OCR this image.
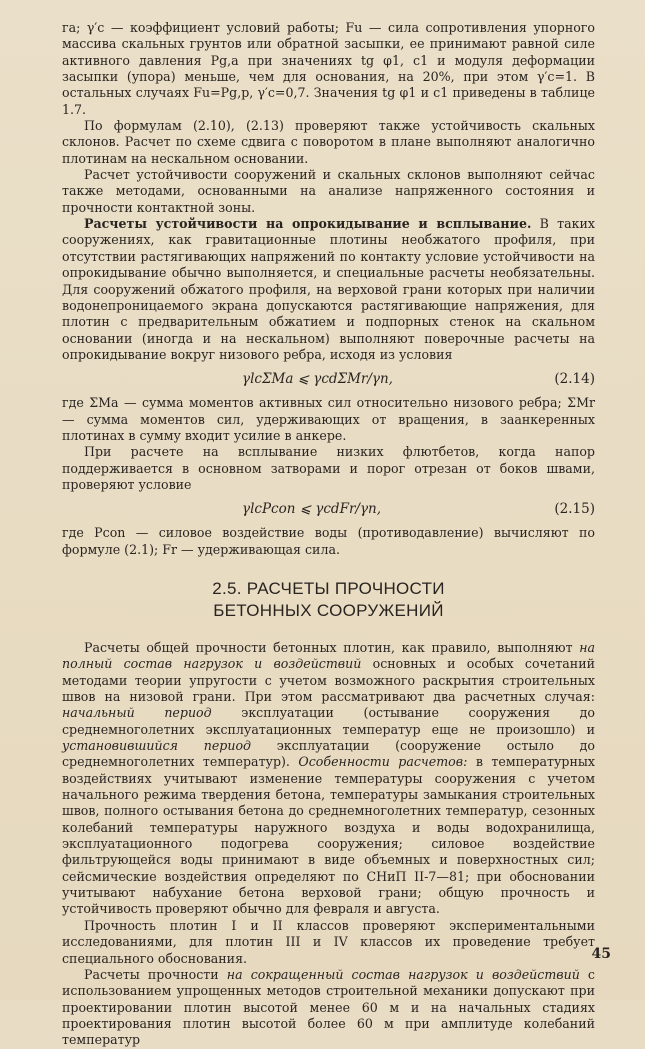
га; γ′c — коэффициент условий работы; Fu — сила сопротивления упорного массива скальных грунтов или обратной засыпки, ее принимают равной силе активного давления Pg,a при значениях tg φ1, c1 и модуля деформации засыпки (упора) меньше, чем для основания, на 20%, при этом γ′c=1. В остальных случаях Fu=Pg,p, γ′c=0,7. Значения tg φ1 и c1 приведены в таблице 1.7.

По формулам (2.10), (2.13) проверяют также устойчивость скальных склонов. Расчет по схеме сдвига с поворотом в плане выполняют аналогично плотинам на нескальном основании.

Расчет устойчивости сооружений и скальных склонов выполняют сейчас также методами, основанными на анализе напряженного состояния и прочности контактной зоны.

Расчеты устойчивости на опрокидывание и всплывание. В таких сооружениях, как гравитационные плотины необжатого профиля, при отсутствии растягивающих напряжений по контакту условие устойчивости на опрокидывание обычно выполняется, и специальные расчеты необязательны. Для сооружений обжатого профиля, на верховой грани которых при наличии водонепроницаемого экрана допускаются растягивающие напряжения, для плотин с предварительным обжатием и подпорных стенок на скальном основании (иногда и на нескальном) выполняют поверочные расчеты на опрокидывание вокруг низового ребра, исходя из условия

γlcΣMa ⩽ γcdΣMr/γn,	(2.14)

где ΣMa — сумма моментов активных сил относительно низового ребра; ΣMr — сумма моментов сил, удерживающих от вращения, в заанкеренных плотинах в сумму входит усилие в анкере.

При расчете на всплывание низких флютбетов, когда напор поддерживается в основном затворами и порог отрезан от боков швами, проверяют условие

γlcPcon ⩽ γcdFr/γn,	(2.15)

где Pcon — силовое воздействие воды (противодавление) вычисляют по формуле (2.1); Fr — удерживающая сила.

2.5. РАСЧЕТЫ ПРОЧНОСТИ
БЕТОННЫХ СООРУЖЕНИЙ

Расчеты общей прочности бетонных плотин, как правило, выполняют на полный состав нагрузок и воздействий основных и особых сочетаний методами теории упругости с учетом возможного раскрытия строительных швов на низовой грани. При этом рассматривают два расчетных случая: начальный период эксплуатации (остывание сооружения до среднемноголетних эксплуатационных температур еще не произошло) и установившийся период эксплуатации (сооружение остыло до среднемноголетних температур). Особенности расчетов: в температурных воздействиях учитывают изменение температуры сооружения с учетом начального режима твердения бетона, температуры замыкания строительных швов, полного остывания бетона до среднемноголетних температур, сезонных колебаний температуры наружного воздуха и воды водохранилища, эксплуатационного подогрева сооружения; силовое воздействие фильтрующейся воды принимают в виде объемных и поверхностных сил; сейсмические воздействия определяют по СНиП II-7—81; при обосновании учитывают набухание бетона верховой грани; общую прочность и устойчивость проверяют обычно для февраля и августа.

Прочность плотин I и II классов проверяют экспериментальными исследованиями, для плотин III и IV классов их проведение требует специального обоснования.

Расчеты прочности на сокращенный состав нагрузок и воздействий с использованием упрощенных методов строительной механики допускают при проектировании плотин высотой менее 60 м и на начальных стадиях проектирования плотин высотой более 60 м при амплитуде колебаний температур

45
